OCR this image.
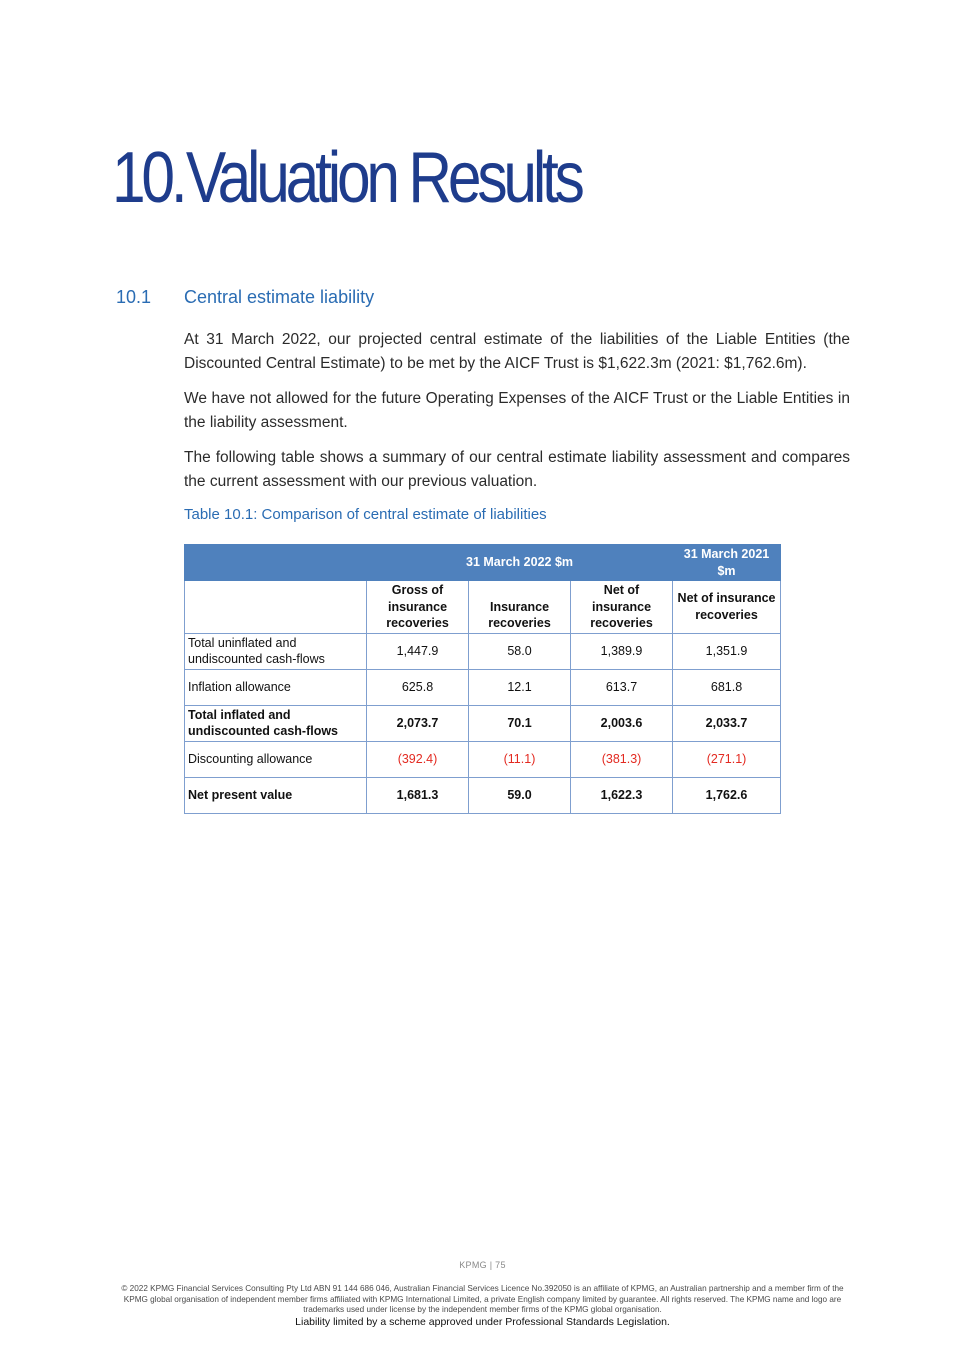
10.Valuation Results
10.1 Central estimate liability

At 31 March 2022, our projected central estimate of the liabilities of the Liable Entities (the Discounted Central Estimate) to be met by the AICF Trust is $1,622.3m (2021: $1,762.6m).

We have not allowed for the future Operating Expenses of the AICF Trust or the Liable Entities in the liability assessment.

The following table shows a summary of our central estimate liability assessment and compares the current assessment with our previous valuation.

Table 10.1: Comparison of central estimate of liabilities
	31 March 2022 $m			31 March 2021 $m
	Gross of insurance recoveries	Insurance recoveries	Net of insurance recoveries	Net of insurance recoveries
Total uninflated and undiscounted cash-flows	1,447.9	58.0	1,389.9	1,351.9
Inflation allowance	625.8	12.1	613.7	681.8
Total inflated and undiscounted cash-flows	2,073.7	70.1	2,003.6	2,033.7
Discounting allowance	(392.4)	(11.1)	(381.3)	(271.1)
Net present value	1,681.3	59.0	1,622.3	1,762.6
KPMG | 75

© 2022 KPMG Financial Services Consulting Pty Ltd ABN 91 144 686 046, Australian Financial Services Licence No.392050 is an affiliate of KPMG, an Australian partnership and a member firm of the KPMG global organisation of independent member firms affiliated with KPMG International Limited, a private English company limited by guarantee. All rights reserved. The KPMG name and logo are trademarks used under license by the independent member firms of the KPMG global organisation.

Liability limited by a scheme approved under Professional Standards Legislation.
